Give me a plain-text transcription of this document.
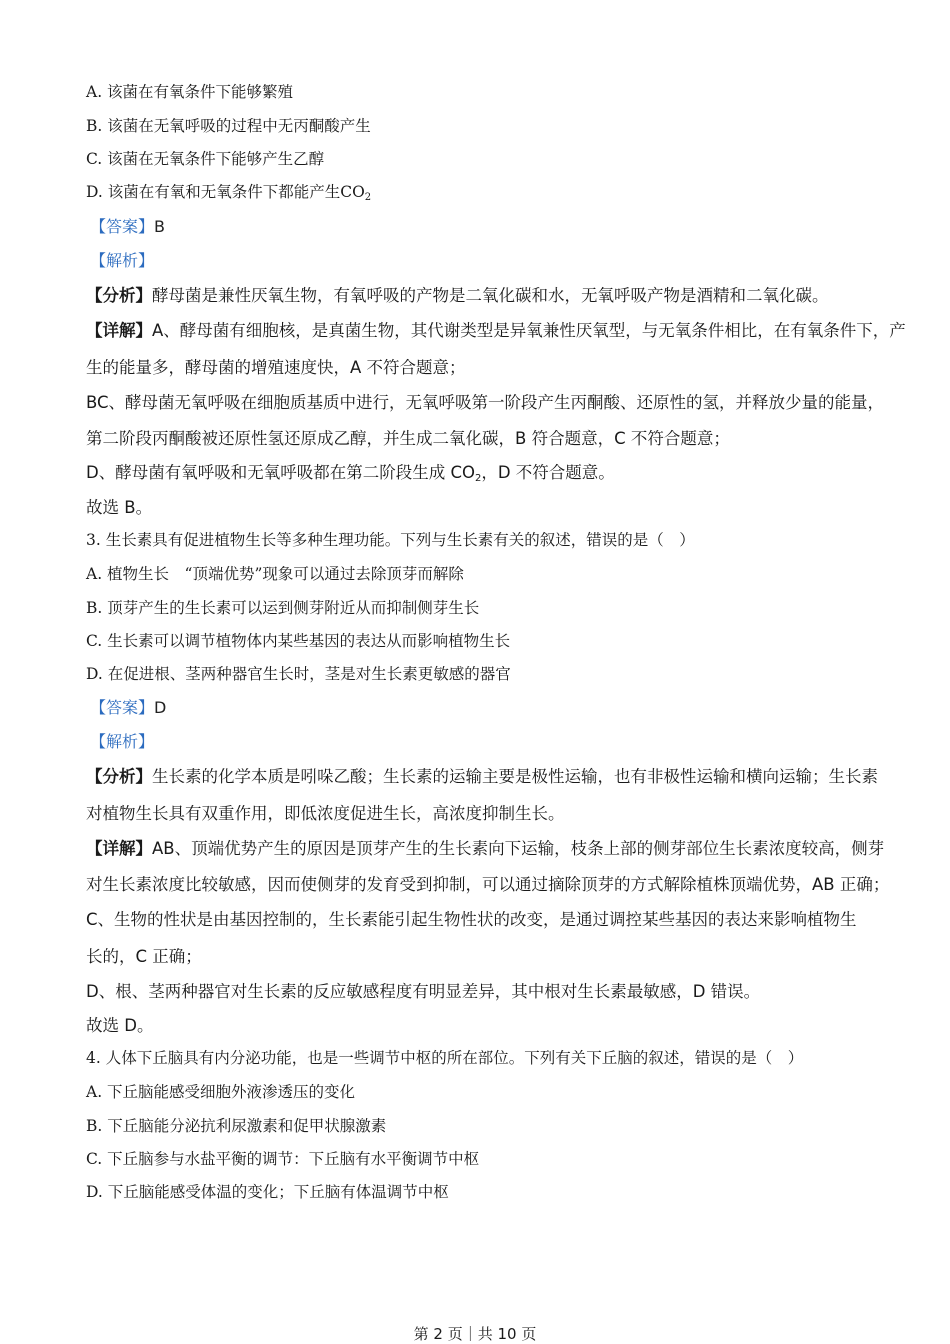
A. 该菌在有氧条件下能够繁殖
B. 该菌在无氧呼吸的过程中无丙酮酸产生
C. 该菌在无氧条件下能够产生乙醇
D. 该菌在有氧和无氧条件下都能产生$CO_2$
【答案】B
【解析】
【分析】酵母菌是兼性厌氧生物，有氧呼吸的产物是二氧化碳和水，无氧呼吸产物是酒精和二氧化碳。
【详解】A、酵母菌有细胞核，是真菌生物，其代谢类型是异氧兼性厌氧型，与无氧条件相比，在有氧条件下，产
生的能量多，酵母菌的增殖速度快，A 不符合题意；
BC、酵母菌无氧呼吸在细胞质基质中进行，无氧呼吸第一阶段产生丙酮酸、还原性的氢，并释放少量的能量，
第二阶段丙酮酸被还原性氢还原成乙醇，并生成二氧化碳，B 符合题意，C 不符合题意；
D、酵母菌有氧呼吸和无氧呼吸都在第二阶段生成 $CO_2$，D 不符合题意。
故选 B。
3. 生长素具有促进植物生长等多种生理功能。下列与生长素有关的叙述，错误的是（　）
A. 植物生长　“顶端优势”现象可以通过去除顶芽而解除
B. 顶芽产生的生长素可以运到侧芽附近从而抑制侧芽生长
C. 生长素可以调节植物体内某些基因的表达从而影响植物生长
D. 在促进根、茎两种器官生长时，茎是对生长素更敏感的器官
【答案】D
【解析】
【分析】生长素的化学本质是吲哚乙酸；生长素的运输主要是极性运输，也有非极性运输和横向运输；生长素
对植物生长具有双重作用，即低浓度促进生长，高浓度抑制生长。
【详解】AB、顶端优势产生的原因是顶芽产生的生长素向下运输，枝条上部的侧芽部位生长素浓度较高，侧芽
对生长素浓度比较敏感，因而使侧芽的发育受到抑制，可以通过摘除顶芽的方式解除植株顶端优势，AB 正确；
C、生物的性状是由基因控制的，生长素能引起生物性状的改变，是通过调控某些基因的表达来影响植物生
长的，C 正确；
D、根、茎两种器官对生长素的反应敏感程度有明显差异，其中根对生长素最敏感，D 错误。
故选 D。
4. 人体下丘脑具有内分泌功能，也是一些调节中枢的所在部位。下列有关下丘脑的叙述，错误的是（　）
A. 下丘脑能感受细胞外液渗透压的变化
B. 下丘脑能分泌抗利尿激素和促甲状腺激素
C. 下丘脑参与水盐平衡的调节：下丘脑有水平衡调节中枢
D. 下丘脑能感受体温的变化；下丘脑有体温调节中枢
第 2 页｜共 10 页
